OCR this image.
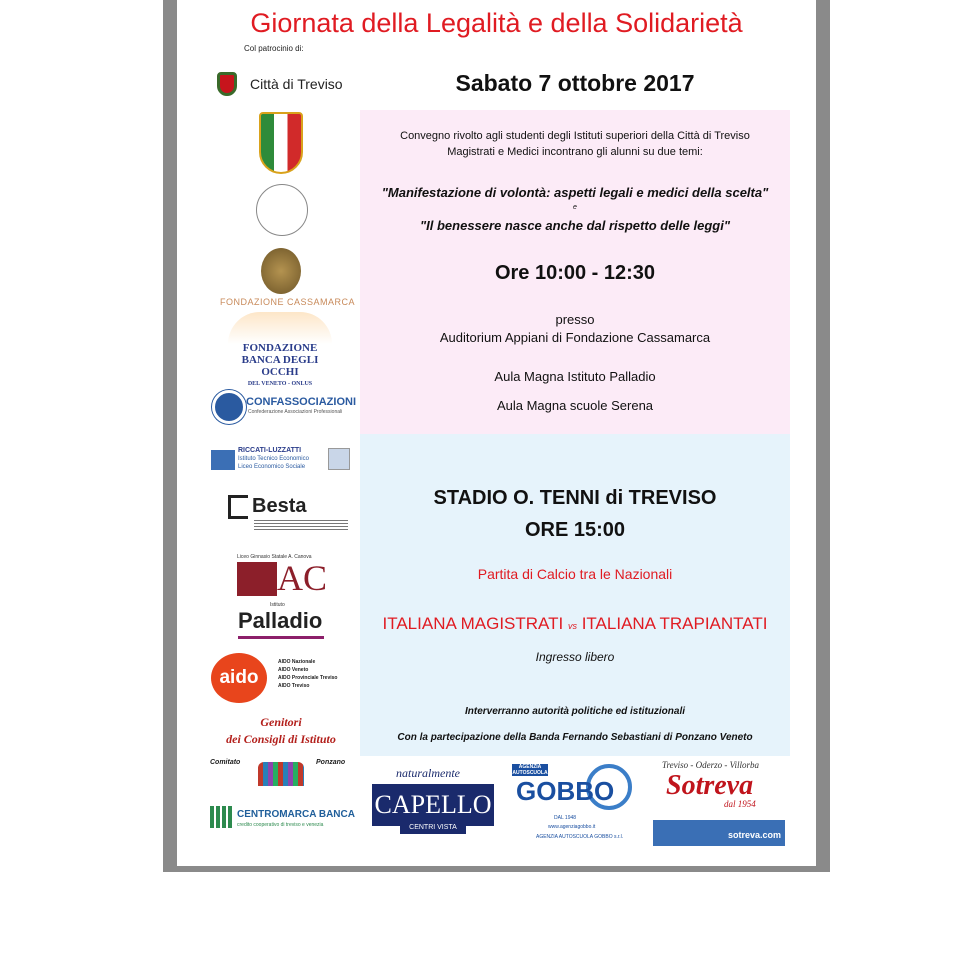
Giornata della Legalità e della Solidarietà
Col patrocinio di:
Sabato 7 ottobre 2017
Convegno rivolto agli studenti degli Istituti superiori della Città di Treviso
Magistrati e Medici incontrano gli alunni su due temi:
"Manifestazione di volontà: aspetti legali e medici della scelta"
e
"Il benessere nasce anche dal rispetto delle leggi"
Ore 10:00 - 12:30
presso
Auditorium Appiani di Fondazione Cassamarca
Aula Magna Istituto Palladio
Aula Magna scuole Serena
STADIO O. TENNI di TREVISO
ORE 15:00
Partita di Calcio tra le Nazionali
ITALIANA MAGISTRATI vs ITALIANA TRAPIANTATI
Ingresso libero
Interverranno autorità politiche ed istituzionali
Con la partecipazione della Banda Fernando Sebastiani di Ponzano Veneto
Città di Treviso
FONDAZIONE CASSAMARCA
FONDAZIONE
BANCA DEGLI OCCHI
DEL VENETO - ONLUS
CONFASSOCIAZIONI
Confederazione Associazioni Professionali
RICCATI-LUZZATTI
Istituto Tecnico Economico
Liceo Economico Sociale
Besta
Liceo Ginnasio Statale A. Canova
AC
Istituto
Palladio
aido
AIDO Nazionale
AIDO Veneto
AIDO Provinciale Treviso
AIDO Treviso
Genitori
dei Consigli di Istituto
Comitato	Ponzano
CENTROMARCA BANCA
credito cooperativo di treviso e venezia
naturalmente
CAPELLO
CENTRI VISTA
AGENZIA AUTOSCUOLA
GOBBO
DAL 1948
www.agenziagobbo.it
AGENZIA AUTOSCUOLA GOBBO s.r.l.
Treviso - Oderzo - Villorba
Sotreva
dal 1954
sotreva.com
